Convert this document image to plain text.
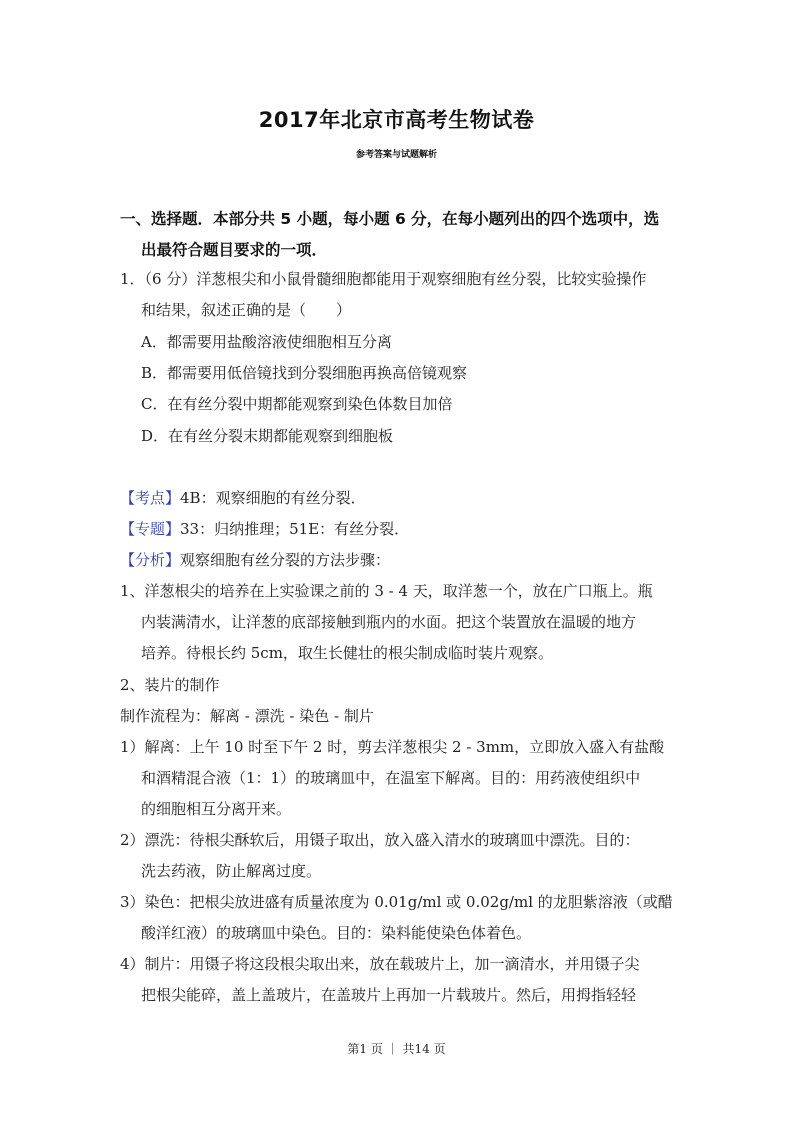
2017年北京市高考生物试卷
参考答案与试题解析
一、选择题．本部分共 5 小题，每小题 6 分，在每小题列出的四个选项中，选
出最符合题目要求的一项．
1．（6 分）洋葱根尖和小鼠骨髓细胞都能用于观察细胞有丝分裂，比较实验操作
和结果，叙述正确的是（　　）
A．都需要用盐酸溶液使细胞相互分离
B．都需要用低倍镜找到分裂细胞再换高倍镜观察
C．在有丝分裂中期都能观察到染色体数目加倍
D．在有丝分裂末期都能观察到细胞板
【考点】4B：观察细胞的有丝分裂．
【专题】33：归纳推理；51E：有丝分裂．
【分析】观察细胞有丝分裂的方法步骤：
1、洋葱根尖的培养在上实验课之前的 3 - 4 天，取洋葱一个，放在广口瓶上。瓶
内装满清水，让洋葱的底部接触到瓶内的水面。把这个装置放在温暖的地方
培养。待根长约 5cm，取生长健壮的根尖制成临时装片观察。
2、装片的制作
制作流程为：解离 - 漂洗 - 染色 - 制片
1）解离：上午 10 时至下午 2 时，剪去洋葱根尖 2 - 3mm，立即放入盛入有盐酸
和酒精混合液（1：1）的玻璃皿中，在温室下解离。目的：用药液使组织中
的细胞相互分离开来。
2）漂洗：待根尖酥软后，用镊子取出，放入盛入清水的玻璃皿中漂洗。目的：
洗去药液，防止解离过度。
3）染色：把根尖放进盛有质量浓度为 0.01g/ml 或 0.02g/ml 的龙胆紫溶液（或醋
酸洋红液）的玻璃皿中染色。目的：染料能使染色体着色。
4）制片：用镊子将这段根尖取出来，放在载玻片上，加一滴清水，并用镊子尖
把根尖能碎，盖上盖玻片，在盖玻片上再加一片载玻片。然后，用拇指轻轻
第1 页 ｜ 共14 页
